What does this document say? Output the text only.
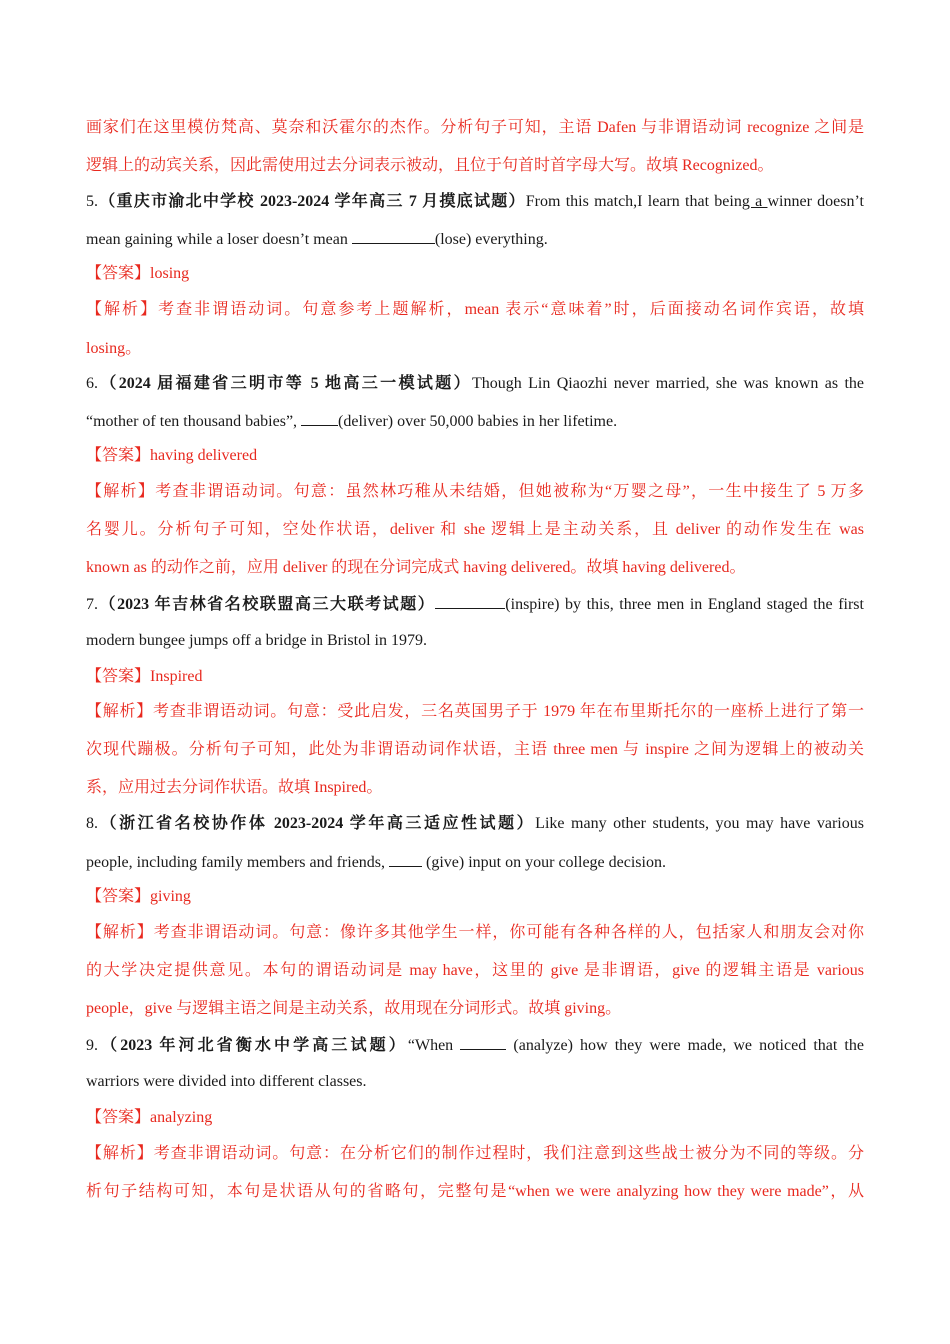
画家们在这里模仿梵高、莫奈和沃霍尔的杰作。分析句子可知，主语 Dafen 与非谓语动词 recognize 之间是
逻辑上的动宾关系，因此需使用过去分词表示被动，且位于句首时首字母大写。故填 Recognized。
5.（重庆市渝北中学校 2023-2024 学年高三 7 月摸底试题）From this match,I learn that being a winner doesn’t
mean gaining while a loser doesn’t mean	(lose) everything.
【答案】losing
【解析】考查非谓语动词。句意参考上题解析，mean 表示“意味着”时，后面接动名词作宾语，故填
losing。
6.（2024 届福建省三明市等 5 地高三一模试题）Though Lin Qiaozhi never married, she was known as the
“mother of ten thousand babies”, (deliver) over 50,000 babies in her lifetime.
【答案】having delivered
【解析】考查非谓语动词。句意：虽然林巧稚从未结婚，但她被称为“万婴之母”，一生中接生了 5 万多
名婴儿。分析句子可知，空处作状语，deliver 和 she 逻辑上是主动关系，且 deliver 的动作发生在 was
known as 的动作之前，应用 deliver 的现在分词完成式 having delivered。故填 having delivered。
7.（2023 年吉林省名校联盟高三大联考试题）	(inspire) by this, three men in England staged the first
modern bungee jumps off a bridge in Bristol in 1979.
【答案】Inspired
【解析】考查非谓语动词。句意：受此启发，三名英国男子于 1979 年在布里斯托尔的一座桥上进行了第一
次现代蹦极。分析句子可知，此处为非谓语动词作状语，主语 three men 与 inspire 之间为逻辑上的被动关
系，应用过去分词作状语。故填 Inspired。
8.（浙江省名校协作体 2023-2024 学年高三适应性试题）Like many other students, you may have various
people, including family members and friends,  (give) input on your college decision.
【答案】giving
【解析】考查非谓语动词。句意：像许多其他学生一样，你可能有各种各样的人，包括家人和朋友会对你
的大学决定提供意见。本句的谓语动词是 may have，这里的 give 是非谓语，give 的逻辑主语是 various
people，give 与逻辑主语之间是主动关系，故用现在分词形式。故填 giving。
9.（2023 年河北省衡水中学高三试题）“When	(analyze) how they were made, we noticed that the
warriors were divided into different classes.
【答案】analyzing
【解析】考查非谓语动词。句意：在分析它们的制作过程时，我们注意到这些战士被分为不同的等级。分
析句子结构可知，本句是状语从句的省略句，完整句是“when we were analyzing how they were made”，从
